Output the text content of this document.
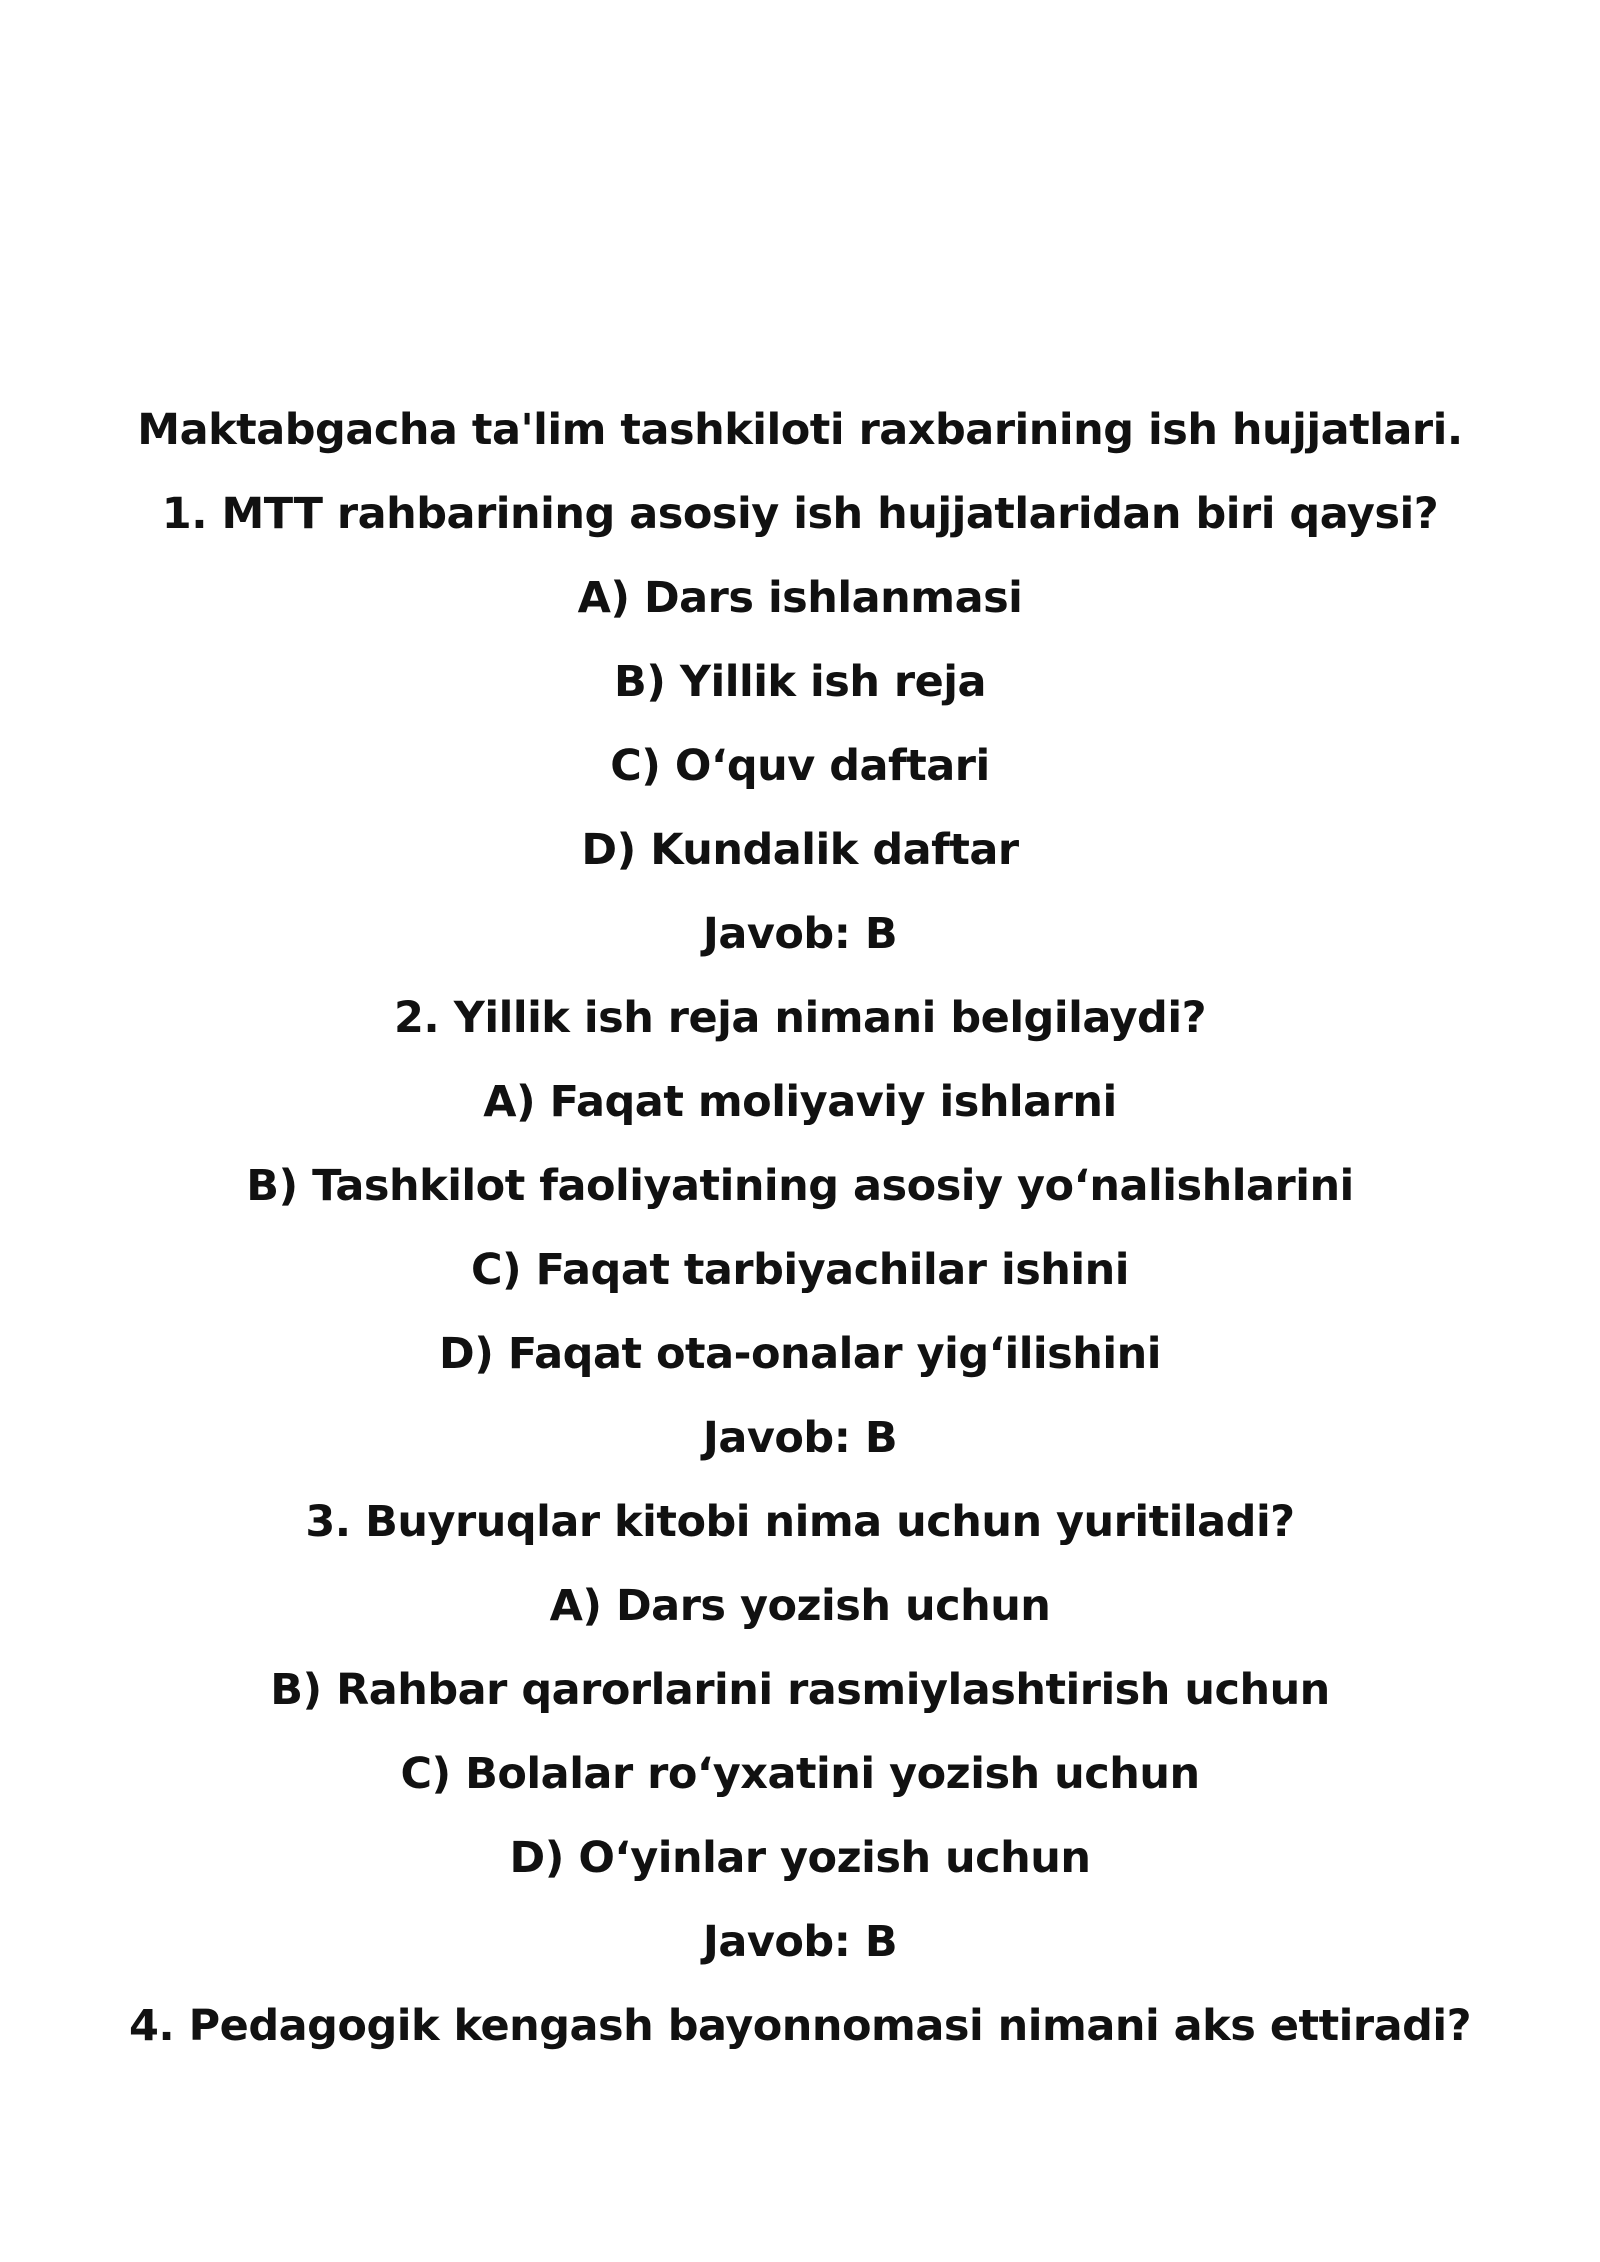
Maktabgacha ta'lim tashkiloti raxbarining ish hujjatlari.
1. MTT rahbarining asosiy ish hujjatlaridan biri qaysi?
A) Dars ishlanmasi
B) Yillik ish reja
C) O‘quv daftari
D) Kundalik daftar
Javob: B
2. Yillik ish reja nimani belgilaydi?
A) Faqat moliyaviy ishlarni
B) Tashkilot faoliyatining asosiy yo‘nalishlarini
C) Faqat tarbiyachilar ishini
D) Faqat ota-onalar yig‘ilishini
Javob: B
3. Buyruqlar kitobi nima uchun yuritiladi?
A) Dars yozish uchun
B) Rahbar qarorlarini rasmiylashtirish uchun
C) Bolalar ro‘yxatini yozish uchun
D) O‘yinlar yozish uchun
Javob: B
4. Pedagogik kengash bayonnomasi nimani aks ettiradi?
